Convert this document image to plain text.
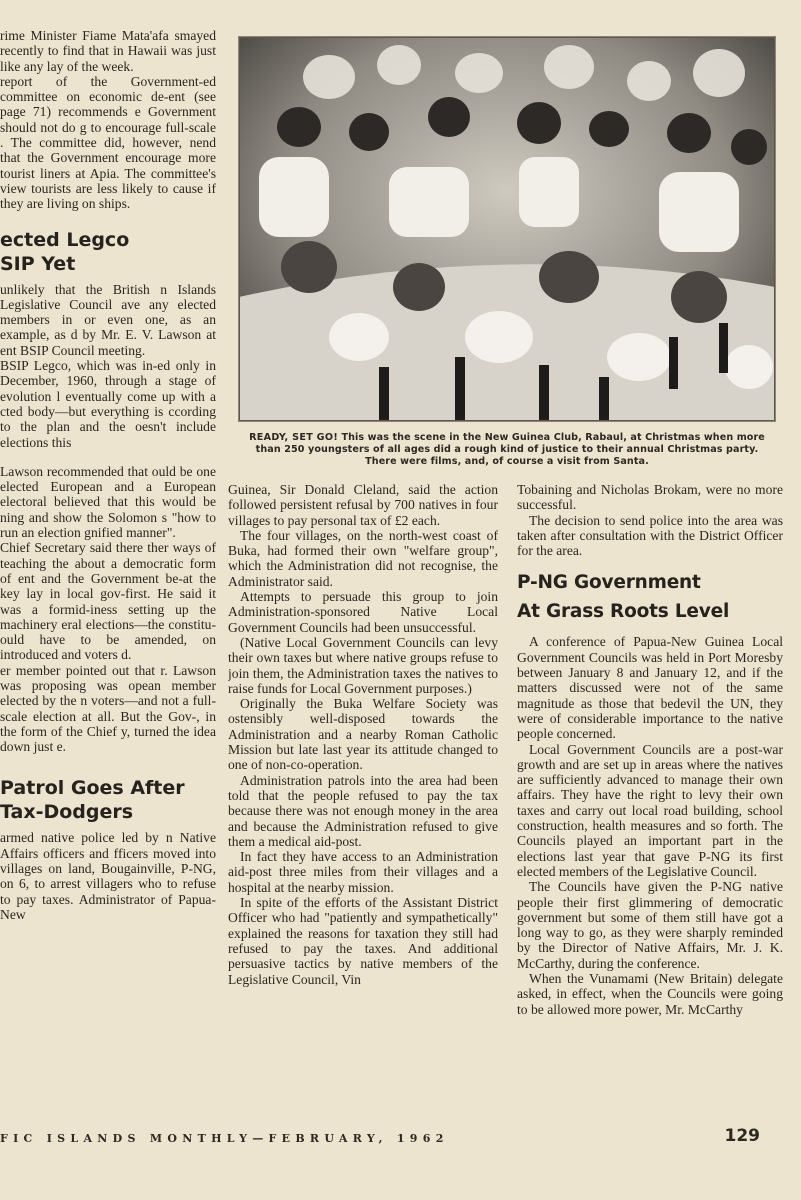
rime Minister Fiame Mata'afa smayed recently to find that in Hawaii was just like any lay of the week.

report of the Government-ed committee on economic de-ent (see page 71) recommends e Government should not do g to encourage full-scale . The committee did, however, nend that the Government encourage more tourist liners at Apia. The committee's view tourists are less likely to cause if they are living on ships.

ected Legco
SIP Yet

unlikely that the British n Islands Legislative Council ave any elected members in or even one, as an example, as d by Mr. E. V. Lawson at ent BSIP Council meeting.

BSIP Legco, which was in-ed only in December, 1960, through a stage of evolution l eventually come up with a cted body—but everything is ccording to the plan and the oesn't include elections this

Lawson recommended that ould be one elected European and a European electoral believed that this would be ning and show the Solomon s "how to run an election gnified manner".

Chief Secretary said there ther ways of teaching the about a democratic form of ent and the Government be-at the key lay in local gov-first. He said it was a formid-iness setting up the machinery eral elections—the constitu-ould have to be amended, on introduced and voters d.

er member pointed out that r. Lawson was proposing was opean member elected by the n voters—and not a full-scale election at all. But the Gov-, in the form of the Chief y, turned the idea down just e.

Patrol Goes After
Tax-Dodgers

armed native police led by n Native Affairs officers and fficers moved into villages on land, Bougainville, P-NG, on 6, to arrest villagers who to refuse to pay taxes. Administrator of Papua-New

READY, SET GO! This was the scene in the New Guinea Club, Rabaul, at Christmas when more than 250 youngsters of all ages did a rough kind of justice to their annual Christmas party. There were films, and, of course a visit from Santa.

Guinea, Sir Donald Cleland, said the action followed persistent refusal by 700 natives in four villages to pay personal tax of £2 each.

The four villages, on the north-west coast of Buka, had formed their own "welfare group", which the Administration did not recognise, the Administrator said.

Attempts to persuade this group to join Administration-sponsored Native Local Government Councils had been unsuccessful.

(Native Local Government Councils can levy their own taxes but where native groups refuse to join them, the Administration taxes the natives to raise funds for Local Government purposes.)

Originally the Buka Welfare Society was ostensibly well-disposed towards the Administration and a nearby Roman Catholic Mission but late last year its attitude changed to one of non-co-operation.

Administration patrols into the area had been told that the people refused to pay the tax because there was not enough money in the area and because the Administration refused to give them a medical aid-post.

In fact they have access to an Administration aid-post three miles from their villages and a hospital at the nearby mission.

In spite of the efforts of the Assistant District Officer who had "patiently and sympathetically" explained the reasons for taxation they still had refused to pay the taxes. And additional persuasive tactics by native members of the Legislative Council, Vin

Tobaining and Nicholas Brokam, were no more successful.

The decision to send police into the area was taken after consultation with the District Officer for the area.

P-NG Government
At Grass Roots Level

A conference of Papua-New Guinea Local Government Councils was held in Port Moresby between January 8 and January 12, and if the matters discussed were not of the same magnitude as those that bedevil the UN, they were of considerable importance to the native people concerned.

Local Government Councils are a post-war growth and are set up in areas where the natives are sufficiently advanced to manage their own affairs. They have the right to levy their own taxes and carry out local road building, school construction, health measures and so forth. The Councils played an important part in the elections last year that gave P-NG its first elected members of the Legislative Council.

The Councils have given the P-NG native people their first glimmering of democratic government but some of them still have got a long way to go, as they were sharply reminded by the Director of Native Affairs, Mr. J. K. McCarthy, during the conference.

When the Vunamami (New Britain) delegate asked, in effect, when the Councils were going to be allowed more power, Mr. McCarthy

FIC ISLANDS MONTHLY—FEBRUARY, 1962	129
